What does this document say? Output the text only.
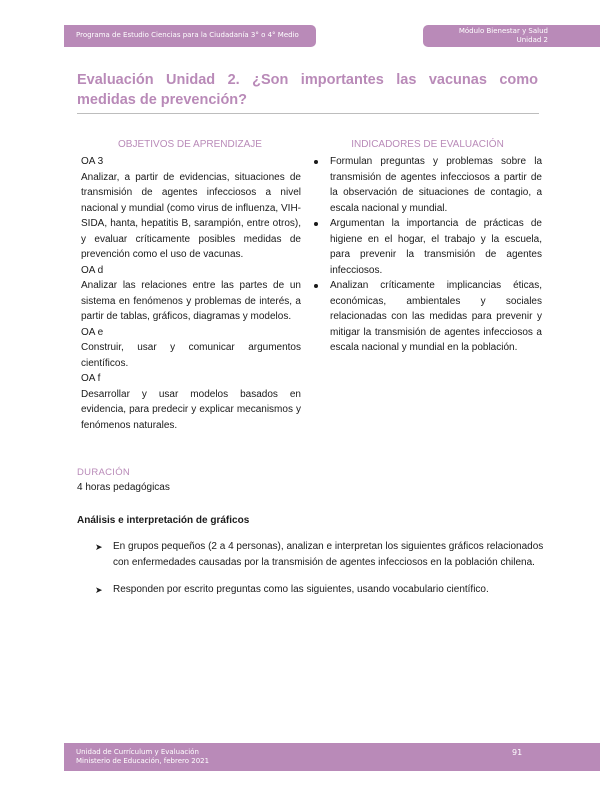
Programa de Estudio Ciencias para la Ciudadanía 3° o 4° Medio	Módulo Bienestar y Salud
Unidad 2
Evaluación Unidad 2. ¿Son importantes las vacunas como medidas de prevención?
OBJETIVOS DE APRENDIZAJE	INDICADORES DE EVALUACIÓN

OA 3

Analizar, a partir de evidencias, situaciones de transmisión de agentes infecciosos a nivel nacional y mundial (como virus de influenza, VIH-SIDA, hanta, hepatitis B, sarampión, entre otros), y evaluar críticamente posibles medidas de prevención como el uso de vacunas.

OA d

Analizar las relaciones entre las partes de un sistema en fenómenos y problemas de interés, a partir de tablas, gráficos, diagramas y modelos.

OA e

Construir, usar y comunicar argumentos científicos.

OA f

Desarrollar y usar modelos basados en evidencia, para predecir y explicar mecanismos y fenómenos naturales.

Formulan preguntas y problemas sobre la transmisión de agentes infecciosos a partir de la observación de situaciones de contagio, a escala nacional y mundial.
Argumentan la importancia de prácticas de higiene en el hogar, el trabajo y la escuela, para prevenir la transmisión de agentes infecciosos.
Analizan críticamente implicancias éticas, económicas, ambientales y sociales relacionadas con las medidas para prevenir y mitigar la transmisión de agentes infecciosos a escala nacional y mundial en la población.
DURACIÓN
4 horas pedagógicas
Análisis e interpretación de gráficos
➤ En grupos pequeños (2 a 4 personas), analizan e interpretan los siguientes gráficos relacionados con enfermedades causadas por la transmisión de agentes infecciosos en la población chilena.
➤ Responden por escrito preguntas como las siguientes, usando vocabulario científico.
Unidad de Currículum y Evaluación
Ministerio de Educación, febrero 2021
91
